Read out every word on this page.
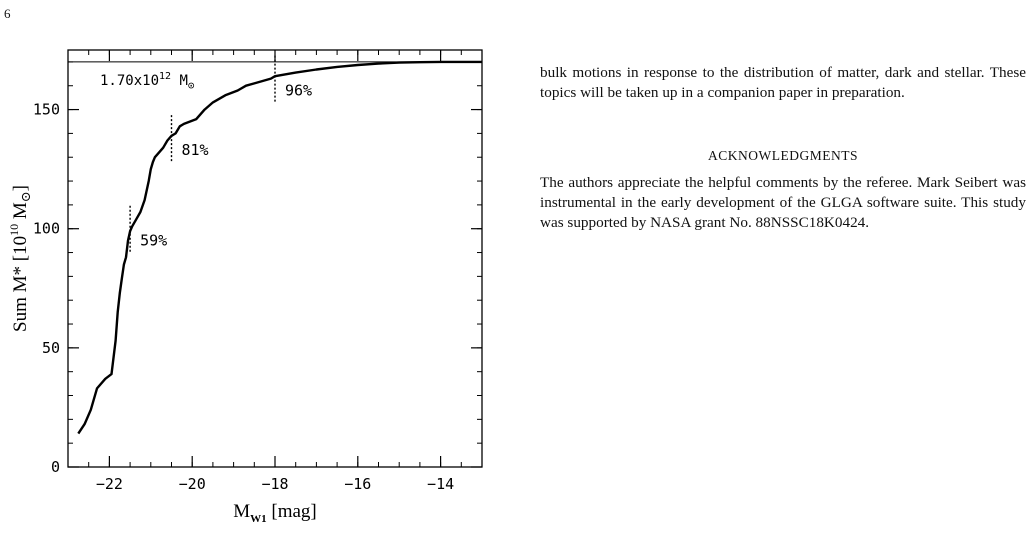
6
$1.70x10^{12}$ $M_⊙$
59%
81%
96%
−22	−20	−18	−16	−14
0
50
100
150
$M_{W1}$ [mag]
Sum M* [$10^{10}$ $M_⊙$]

bulk motions in response to the distribution of matter, dark and stellar. These topics will be taken up in a companion paper in preparation.

ACKNOWLEDGMENTS

The authors appreciate the helpful comments by the referee. Mark Seibert was instrumental in the early development of the GLGA software suite. This study was supported by NASA grant No. 88NSSC18K0424.
